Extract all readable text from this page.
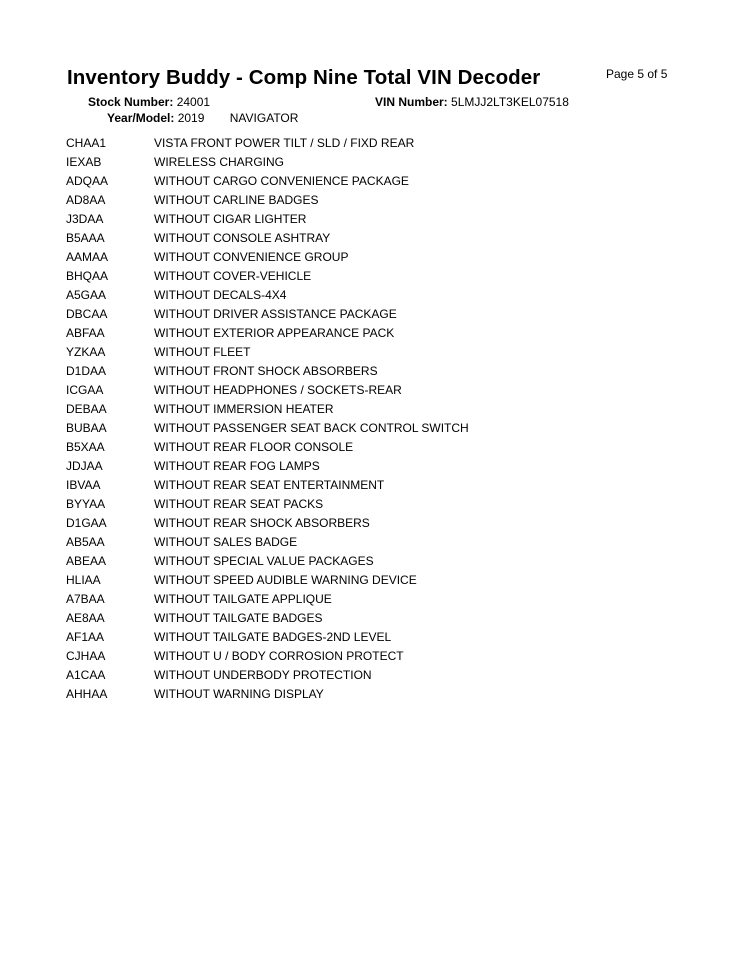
Inventory Buddy - Comp Nine Total VIN Decoder	Page 5 of 5
Stock Number: 24001	VIN Number: 5LMJJ2LT3KEL07518
Year/Model: 2019 NAVIGATOR
CHAA1	VISTA FRONT POWER TILT / SLD / FIXD REAR
IEXAB	WIRELESS CHARGING
ADQAA	WITHOUT CARGO CONVENIENCE PACKAGE
AD8AA	WITHOUT CARLINE BADGES
J3DAA	WITHOUT CIGAR LIGHTER
B5AAA	WITHOUT CONSOLE ASHTRAY
AAMAA	WITHOUT CONVENIENCE GROUP
BHQAA	WITHOUT COVER-VEHICLE
A5GAA	WITHOUT DECALS-4X4
DBCAA	WITHOUT DRIVER ASSISTANCE PACKAGE
ABFAA	WITHOUT EXTERIOR APPEARANCE PACK
YZKAA	WITHOUT FLEET
D1DAA	WITHOUT FRONT SHOCK ABSORBERS
ICGAA	WITHOUT HEADPHONES / SOCKETS-REAR
DEBAA	WITHOUT IMMERSION HEATER
BUBAA	WITHOUT PASSENGER SEAT BACK CONTROL SWITCH
B5XAA	WITHOUT REAR FLOOR CONSOLE
JDJAA	WITHOUT REAR FOG LAMPS
IBVAA	WITHOUT REAR SEAT ENTERTAINMENT
BYYAA	WITHOUT REAR SEAT PACKS
D1GAA	WITHOUT REAR SHOCK ABSORBERS
AB5AA	WITHOUT SALES BADGE
ABEAA	WITHOUT SPECIAL VALUE PACKAGES
HLIAA	WITHOUT SPEED AUDIBLE WARNING DEVICE
A7BAA	WITHOUT TAILGATE APPLIQUE
AE8AA	WITHOUT TAILGATE BADGES
AF1AA	WITHOUT TAILGATE BADGES-2ND LEVEL
CJHAA	WITHOUT U / BODY CORROSION PROTECT
A1CAA	WITHOUT UNDERBODY PROTECTION
AHHAA	WITHOUT WARNING DISPLAY
